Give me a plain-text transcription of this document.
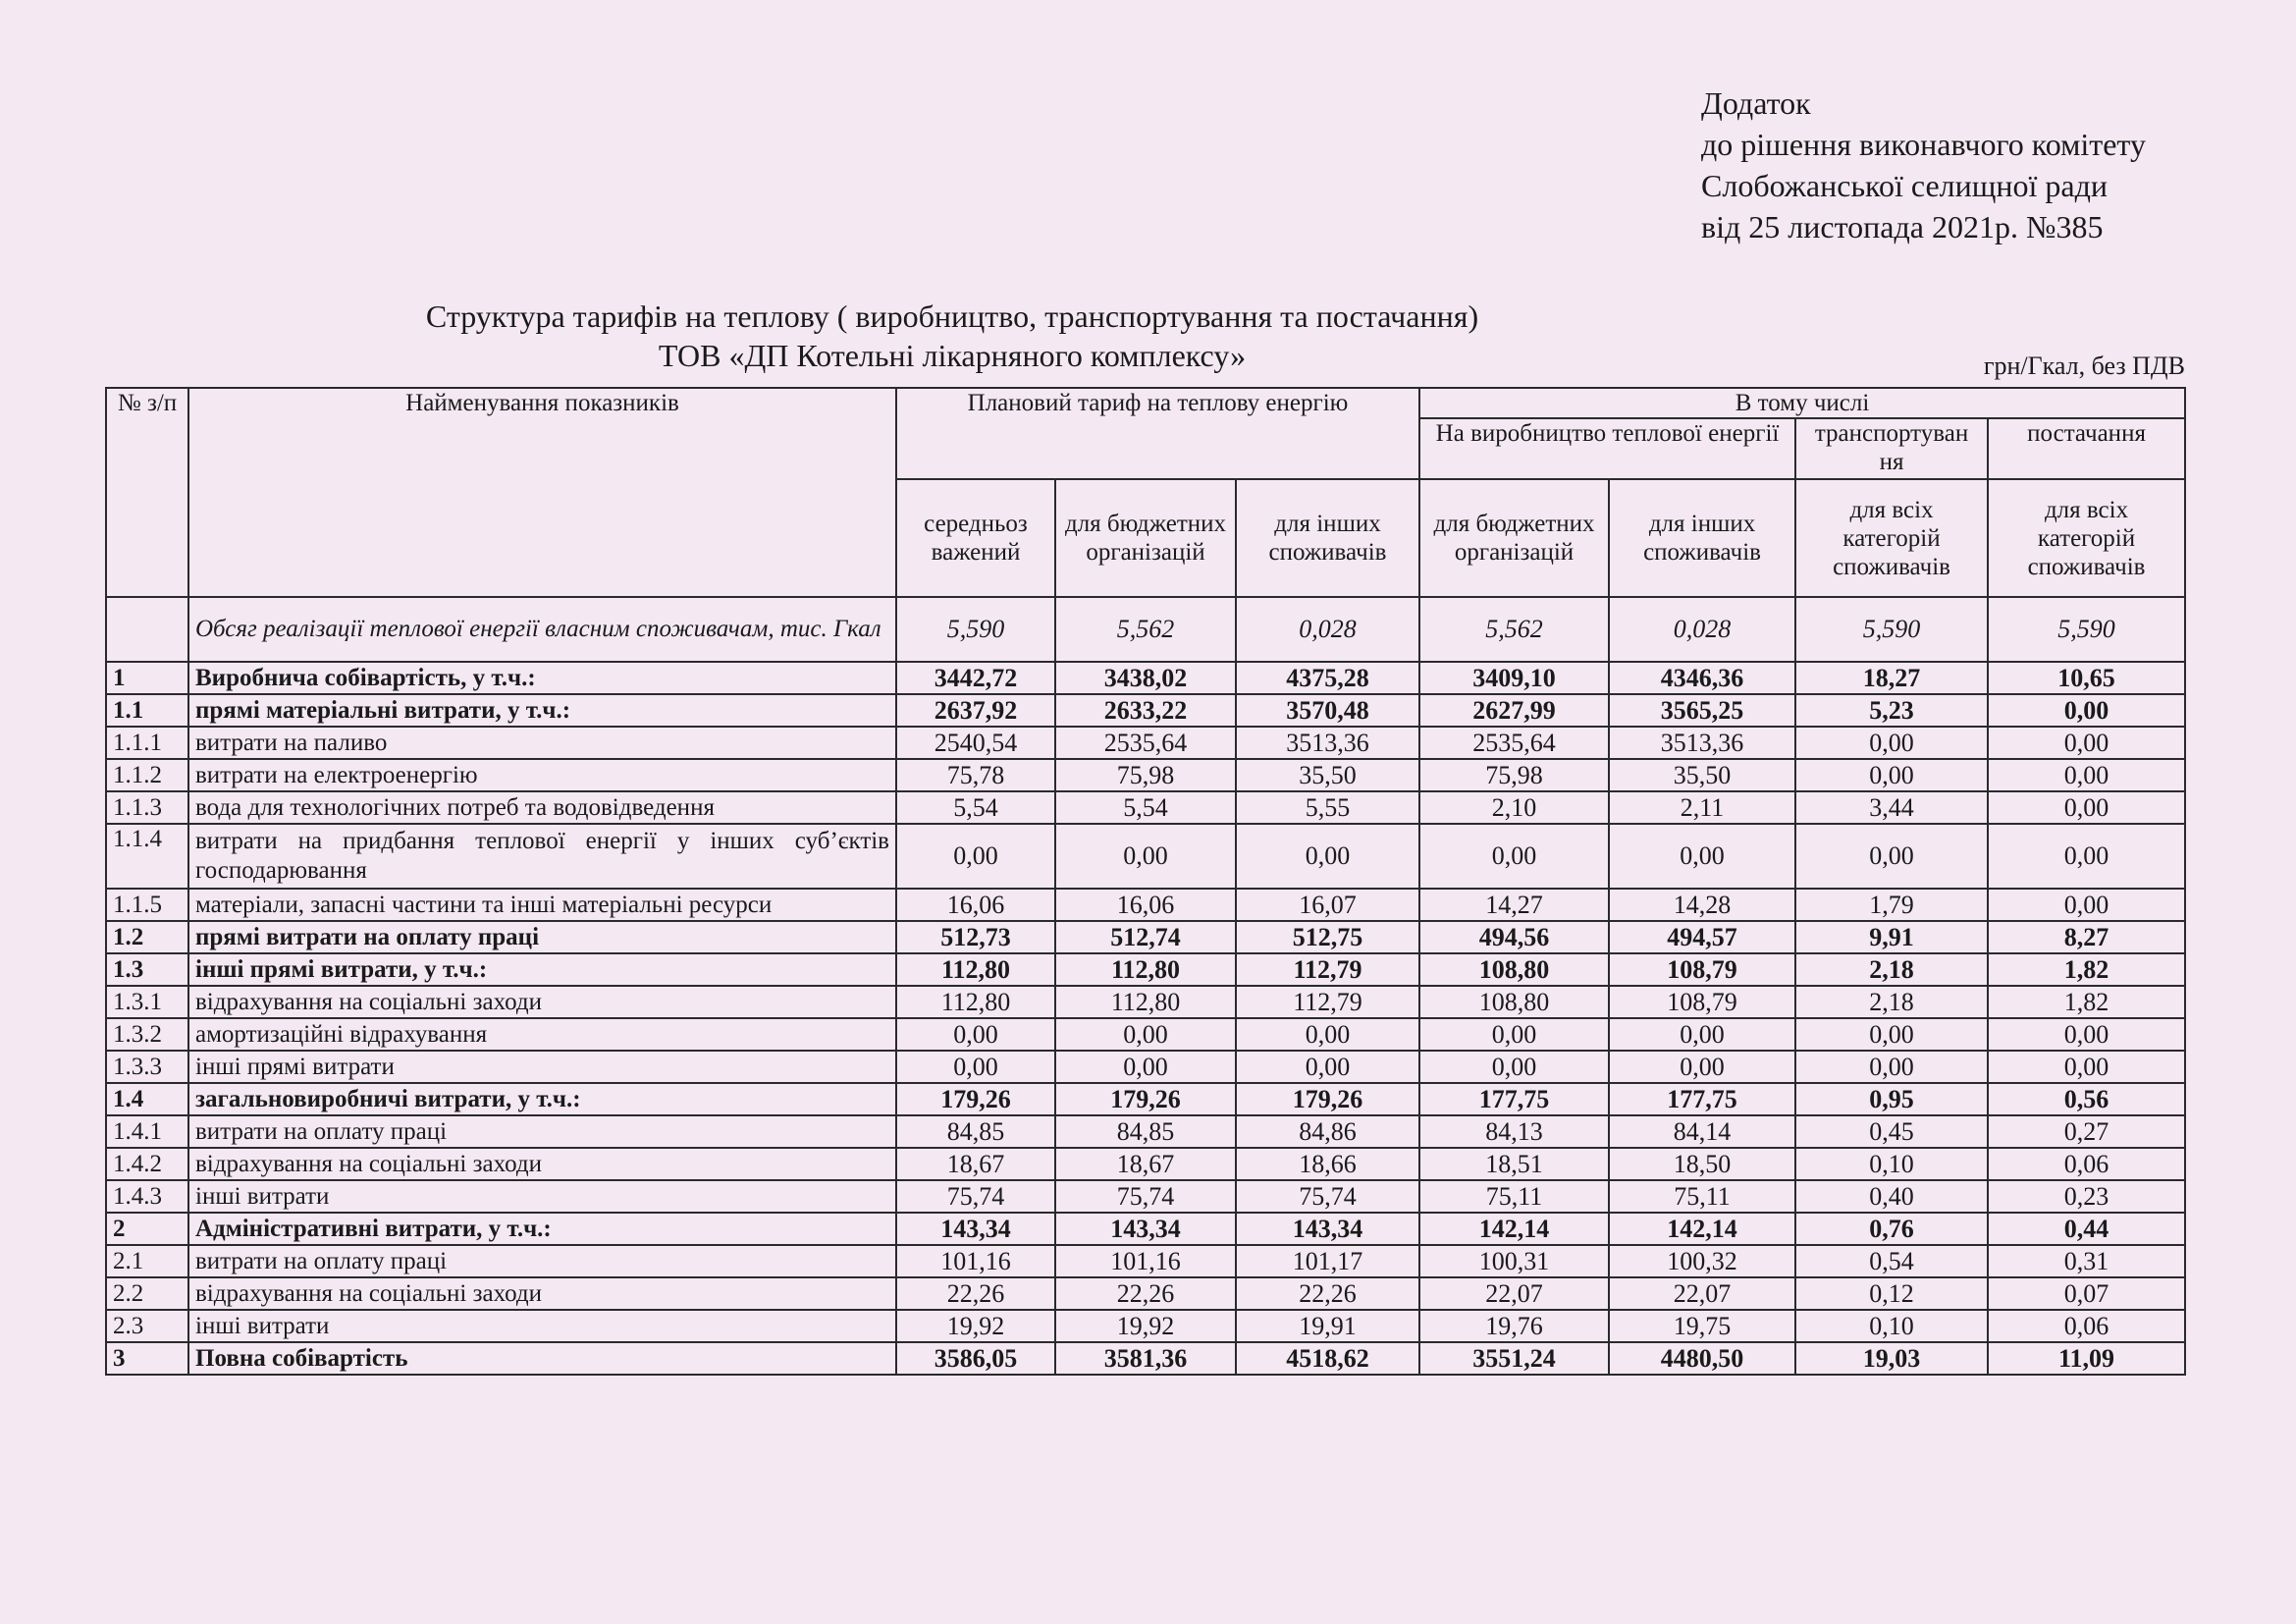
Додаток
до рішення виконавчого комітету
Слобожанської селищної ради
від 25 листопада 2021р. №385
Структура тарифів на теплову ( виробництво, транспортування та постачання)
ТОВ «ДП Котельні лікарняного комплексу»	грн/Гкал, без ПДВ
№ з/п	Найменування показників	Плановий тариф на теплову енергію			В тому числі			
					На виробництво теплової енергії		транспортуван ня	постачання
		середньоз важений	для бюджетних організацій	для інших споживачів	для бюджетних організацій	для інших споживачів	для всіх категорій споживачів	для всіх категорій споживачів
	Обсяг реалізації теплової енергії власним споживачам, тис. Гкал	5,590	5,562	0,028	5,562	0,028	5,590	5,590
1	Виробнича собівартість, у т.ч.:	3442,72	3438,02	4375,28	3409,10	4346,36	18,27	10,65
1.1	прямі матеріальні витрати, у т.ч.:	2637,92	2633,22	3570,48	2627,99	3565,25	5,23	0,00
1.1.1	витрати на паливо	2540,54	2535,64	3513,36	2535,64	3513,36	0,00	0,00
1.1.2	витрати на електроенергію	75,78	75,98	35,50	75,98	35,50	0,00	0,00
1.1.3	вода для технологічних потреб та водовідведення	5,54	5,54	5,55	2,10	2,11	3,44	0,00
1.1.4	витрати на придбання теплової енергії у інших суб’єктів господарювання	0,00	0,00	0,00	0,00	0,00	0,00	0,00
1.1.5	матеріали, запасні частини та інші матеріальні ресурси	16,06	16,06	16,07	14,27	14,28	1,79	0,00
1.2	прямі витрати на оплату праці	512,73	512,74	512,75	494,56	494,57	9,91	8,27
1.3	інші прямі витрати, у т.ч.:	112,80	112,80	112,79	108,80	108,79	2,18	1,82
1.3.1	відрахування на соціальні заходи	112,80	112,80	112,79	108,80	108,79	2,18	1,82
1.3.2	амортизаційні відрахування	0,00	0,00	0,00	0,00	0,00	0,00	0,00
1.3.3	інші прямі витрати	0,00	0,00	0,00	0,00	0,00	0,00	0,00
1.4	загальновиробничі витрати, у т.ч.:	179,26	179,26	179,26	177,75	177,75	0,95	0,56
1.4.1	витрати на оплату праці	84,85	84,85	84,86	84,13	84,14	0,45	0,27
1.4.2	відрахування на соціальні заходи	18,67	18,67	18,66	18,51	18,50	0,10	0,06
1.4.3	інші витрати	75,74	75,74	75,74	75,11	75,11	0,40	0,23
2	Адміністративні витрати, у т.ч.:	143,34	143,34	143,34	142,14	142,14	0,76	0,44
2.1	витрати на оплату праці	101,16	101,16	101,17	100,31	100,32	0,54	0,31
2.2	відрахування на соціальні заходи	22,26	22,26	22,26	22,07	22,07	0,12	0,07
2.3	інші витрати	19,92	19,92	19,91	19,76	19,75	0,10	0,06
3	Повна собівартість	3586,05	3581,36	4518,62	3551,24	4480,50	19,03	11,09
